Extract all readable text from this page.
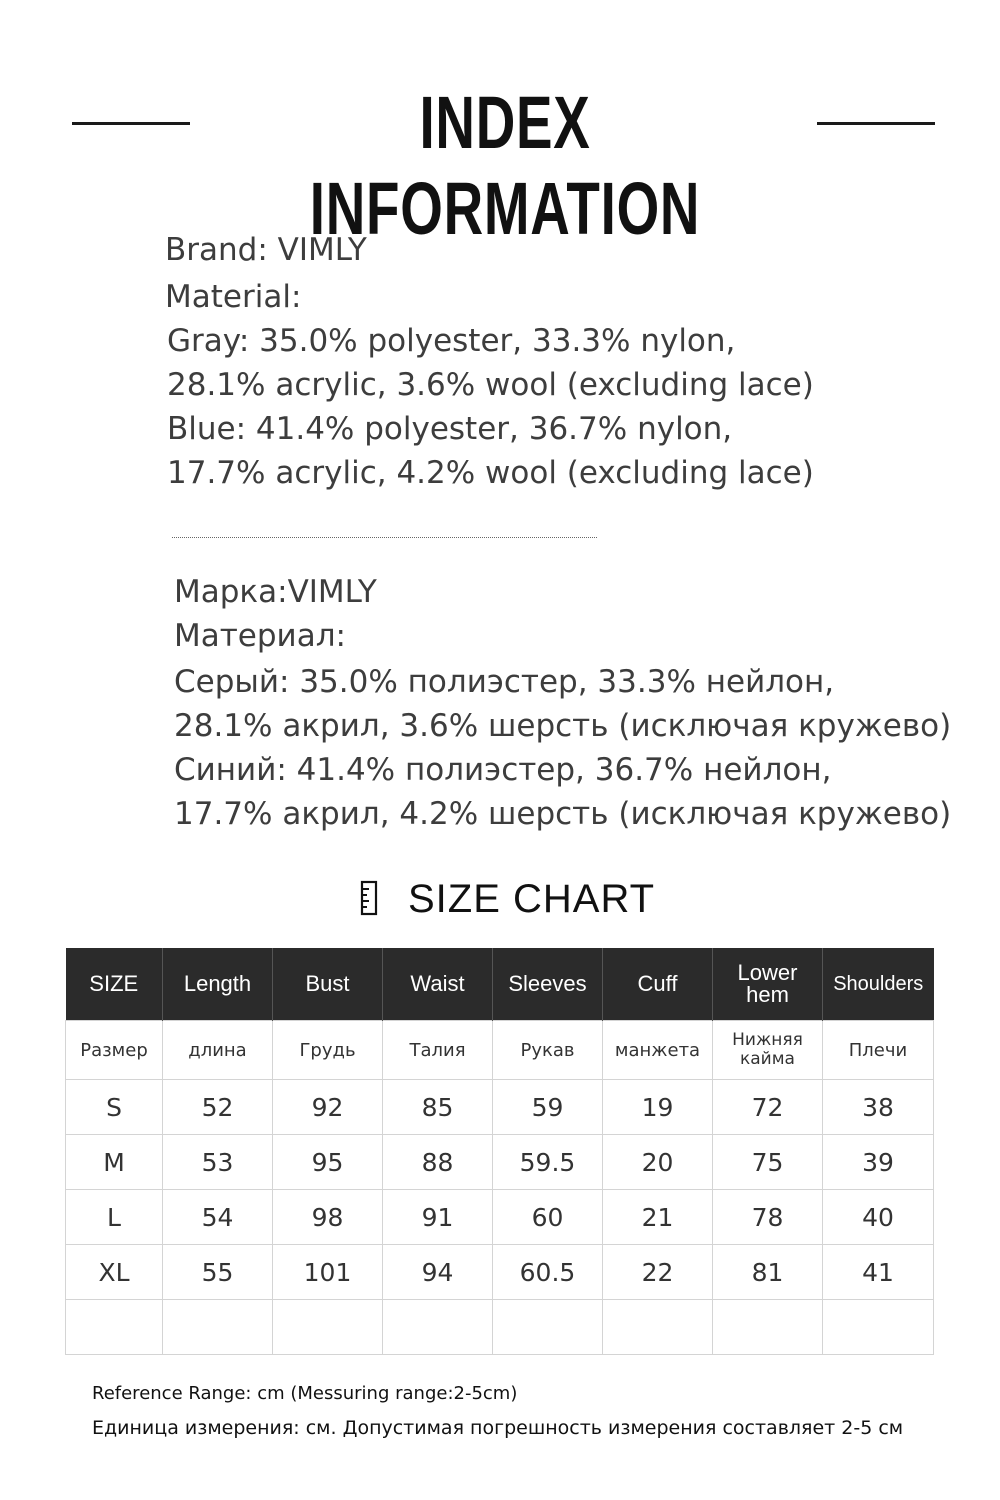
INDEX INFORMATION
Brand: VIMLY
Material:
Gray: 35.0% polyester, 33.3% nylon,
28.1% acrylic, 3.6% wool (excluding lace)
Blue: 41.4% polyester, 36.7% nylon,
17.7% acrylic, 4.2% wool (excluding lace)
Марка:VIMLY
Материал:
Серый: 35.0% полиэстер, 33.3% нейлон,
28.1% акрил, 3.6% шерсть (исключая кружево)
Синий: 41.4% полиэстер, 36.7% нейлон,
17.7% акрил, 4.2% шерсть (исключая кружево)
SIZE CHART
SIZE	Length	Bust	Waist	Sleeves	Cuff	Lower hem	Shoulders
Размер	длина	Грудь	Талия	Рукав	манжета	Нижняя кайма	Плечи
S	52	92	85	59	19	72	38
M	53	95	88	59.5	20	75	39
L	54	98	91	60	21	78	40
XL	55	101	94	60.5	22	81	41

Reference Range: cm (Messuring range:2-5cm)
Единица измерения: см. Допустимая погрешность измерения составляет 2-5 см
